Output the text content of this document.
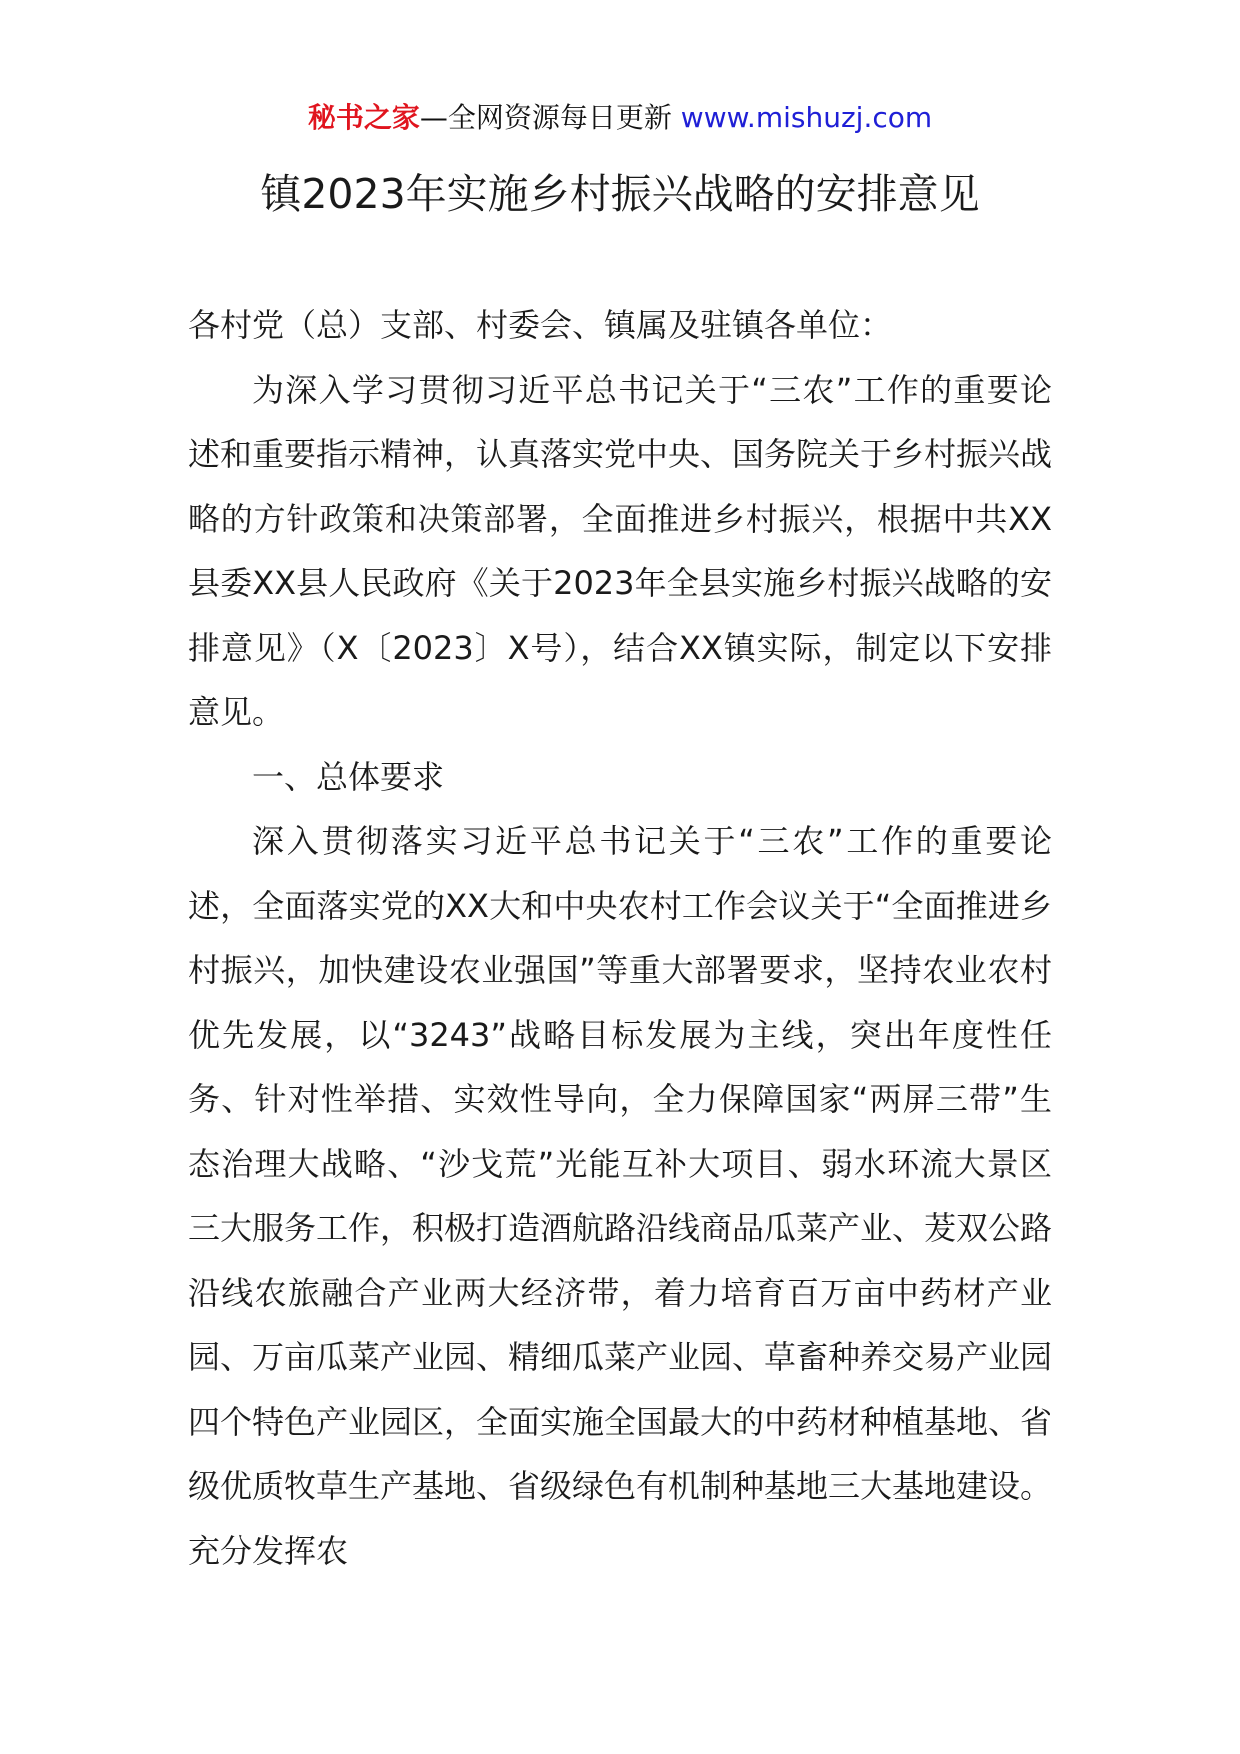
秘书之家—全网资源每日更新 www.mishuzj.com
镇2023年实施乡村振兴战略的安排意见

各村党（总）支部、村委会、镇属及驻镇各单位：

为深入学习贯彻习近平总书记关于“三农”工作的重要论述和重要指示精神，认真落实党中央、国务院关于乡村振兴战略的方针政策和决策部署，全面推进乡村振兴，根据中共XX县委XX县人民政府《关于2023年全县实施乡村振兴战略的安排意见》（X〔2023〕X号），结合XX镇实际，制定以下安排意见。

一、总体要求

深入贯彻落实习近平总书记关于“三农”工作的重要论述，全面落实党的XX大和中央农村工作会议关于“全面推进乡村振兴，加快建设农业强国”等重大部署要求，坚持农业农村优先发展，以“3243”战略目标发展为主线，突出年度性任务、针对性举措、实效性导向，全力保障国家“两屏三带”生态治理大战略、“沙戈荒”光能互补大项目、弱水环流大景区三大服务工作，积极打造酒航路沿线商品瓜菜产业、茇双公路沿线农旅融合产业两大经济带，着力培育百万亩中药材产业园、万亩瓜菜产业园、精细瓜菜产业园、草畜种养交易产业园四个特色产业园区，全面实施全国最大的中药材种植基地、省级优质牧草生产基地、省级绿色有机制种基地三大基地建设。充分发挥农
